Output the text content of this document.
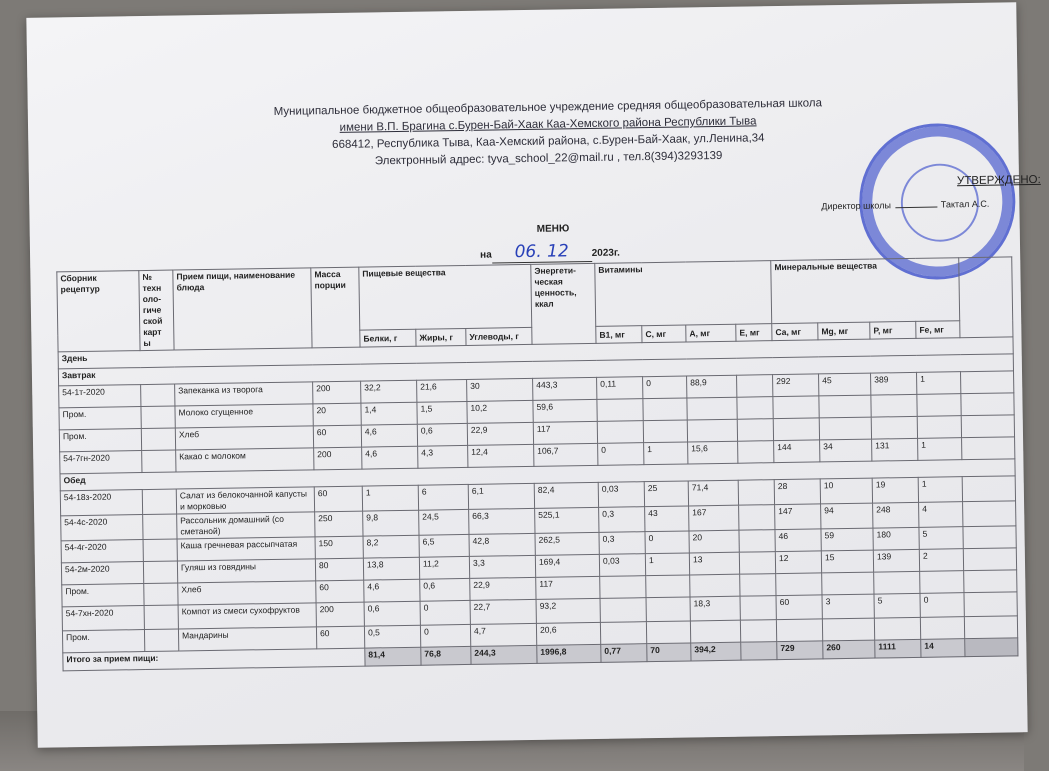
Муниципальное бюджетное общеобразовательное учреждение средняя общеобразовательная школа
имени В.П. Брагина с.Бурен-Бай-Хаак Каа-Хемского района Республики Тыва
668412, Республика Тыва, Каа-Хемский района, с.Бурен-Бай-Хаак, ул.Ленина,34
Электронный адрес: tyva_school_22@mail.ru , тел.8(394)3293139
УТВЕРЖДЕНО:
Директор школы	Тактал А.С.
МЕНЮ
на 06. 12 2023г.
Сборник рецептур	№ техн оло- гиче ской карт ы	Прием пищи, наименование блюда	Масса порции	Пищевые вещества			Энергети- ческая ценность, ккал	Витамины				Минеральные вещества				
				Белки, г	Жиры, г	Углеводы, г		В1, мг	С, мг	А, мг	Е, мг	Са, мг	Mg, мг	Р, мг	Fe, мг	
Здень																
Завтрак																
54-1т-2020		Запеканка из творога	200	32,2	21,6	30	443,3	0,11	0	88,9		292	45	389	1	
Пром.		Молоко сгущенное	20	1,4	1,5	10,2	59,6									
Пром.		Хлеб	60	4,6	0,6	22,9	117									
54-7гн-2020		Какао с молоком	200	4,6	4,3	12,4	106,7	0	1	15,6		144	34	131	1	
Обед																
54-18з-2020		Салат из белокочанной капусты и морковью	60	1	6	6,1	82,4	0,03	25	71,4		28	10	19	1	
54-4с-2020		Рассольник домашний (со сметаной)	250	9,8	24,5	66,3	525,1	0,3	43	167		147	94	248	4	
54-4г-2020		Каша гречневая рассыпчатая	150	8,2	6,5	42,8	262,5	0,3	0	20		46	59	180	5	
54-2м-2020		Гуляш из говядины	80	13,8	11,2	3,3	169,4	0,03	1	13		12	15	139	2	
Пром.		Хлеб	60	4,6	0,6	22,9	117									
54-7хн-2020		Компот из смеси сухофруктов	200	0,6	0	22,7	93,2			18,3		60	3	5	0	
Пром.		Мандарины	60	0,5	0	4,7	20,6									
Итого за прием пищи:				81,4	76,8	244,3	1996,8	0,77	70	394,2		729	260	1111	14	
